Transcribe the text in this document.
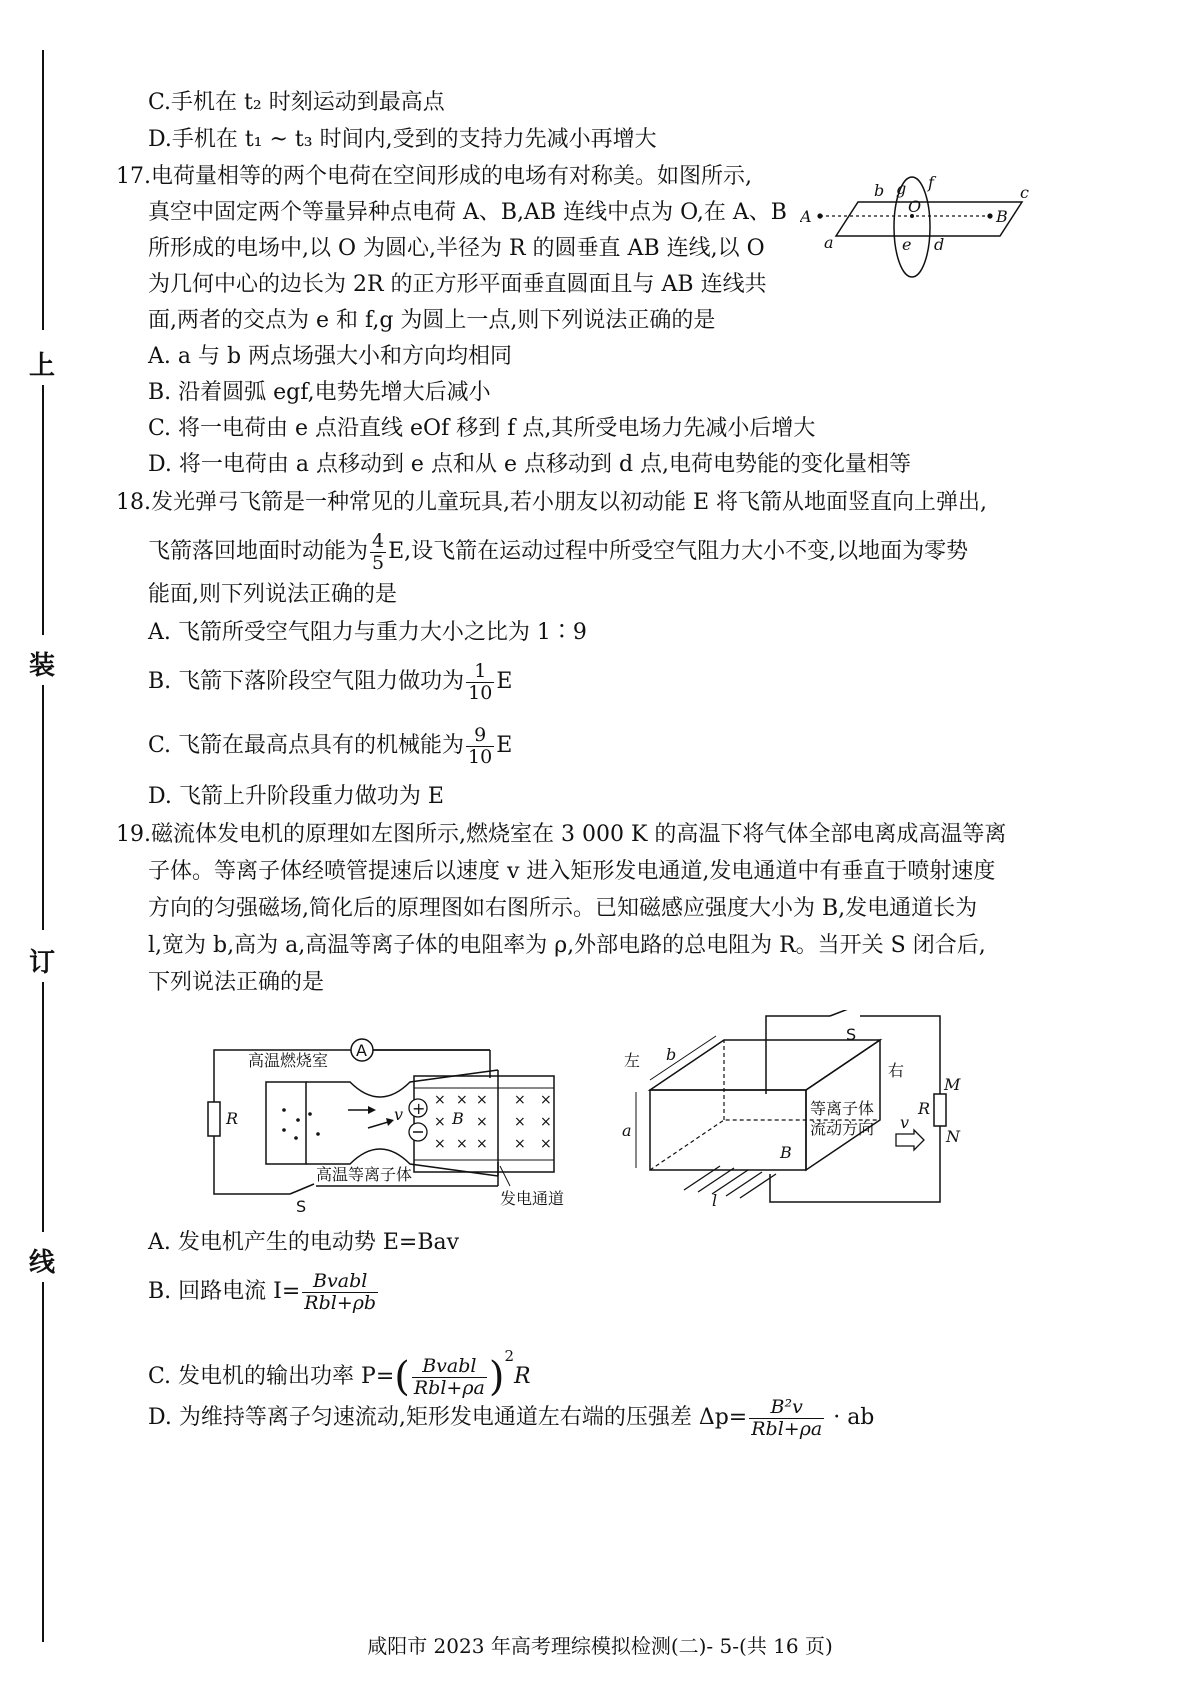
上
装
订
线
C.手机在 t₂ 时刻运动到最高点
D.手机在 t₁ ~ t₃ 时间内,受到的支持力先减小再增大
17.电荷量相等的两个电荷在空间形成的电场有对称美。如图所示,
真空中固定两个等量异种点电荷 A、B,AB 连线中点为 O,在 A、B
所形成的电场中,以 O 为圆心,半径为 R 的圆垂直 AB 连线,以 O
为几何中心的边长为 2R 的正方形平面垂直圆面且与 AB 连线共
面,两者的交点为 e 和 f,g 为圆上一点,则下列说法正确的是
A. a 与 b 两点场强大小和方向均相同
B. 沿着圆弧 egf,电势先增大后减小
C. 将一电荷由 e 点沿直线 eOf 移到 f 点,其所受电场力先减小后增大
D. 将一电荷由 a 点移动到 e 点和从 e 点移动到 d 点,电荷电势能的变化量相等
A	B
O
a
b	c
d
e
f
g
18.发光弹弓飞箭是一种常见的儿童玩具,若小朋友以初动能 E 将飞箭从地面竖直向上弹出,
飞箭落回地面时动能为 $\frac{4}{5} E$,设飞箭在运动过程中所受空气阻力大小不变,以地面为零势
能面,则下列说法正确的是
A. 飞箭所受空气阻力与重力大小之比为 1∶9
B. 飞箭下落阶段空气阻力做功为 $\frac{1}{10}$ E
C. 飞箭在最高点具有的机械能为 $\frac{9}{10}$ E
D. 飞箭上升阶段重力做功为 E
19.磁流体发电机的原理如左图所示,燃烧室在 3 000 K 的高温下将气体全部电离成高温等离
子体。等离子体经喷管提速后以速度 v 进入矩形发电通道,发电通道中有垂直于喷射速度
方向的匀强磁场,简化后的原理图如右图所示。已知磁感应强度大小为 B,发电通道长为
l,宽为 b,高为 a,高温等离子体的电阻率为 ρ,外部电路的总电阻为 R。当开关 S 闭合后,
下列说法正确的是
A
R
S
高温燃烧室
v +
B
× × × × ×
× × × ×
× × × × ×
高温等离子体
发电通道
S
R
M
N
左
右
b
a
B
l
等离子体
流动方向 v
A. 发电机产生的电动势 E=Bav
B. 回路电流 $I= \frac{\text{Bvabl}}{\text{Rbl+ρb}}$
C. 发电机的输出功率 $P=( \frac{\text{Bvabl}}{\text{Rbl+ρa}} )^2R$
D. 为维持等离子匀速流动,矩形发电通道左右端的压强差 $\Delta p= \frac{\text{B²v}}{\text{Rbl+ρa}}$ · ab
咸阳市 2023 年高考理综模拟检测(二)- 5-(共 16 页)
